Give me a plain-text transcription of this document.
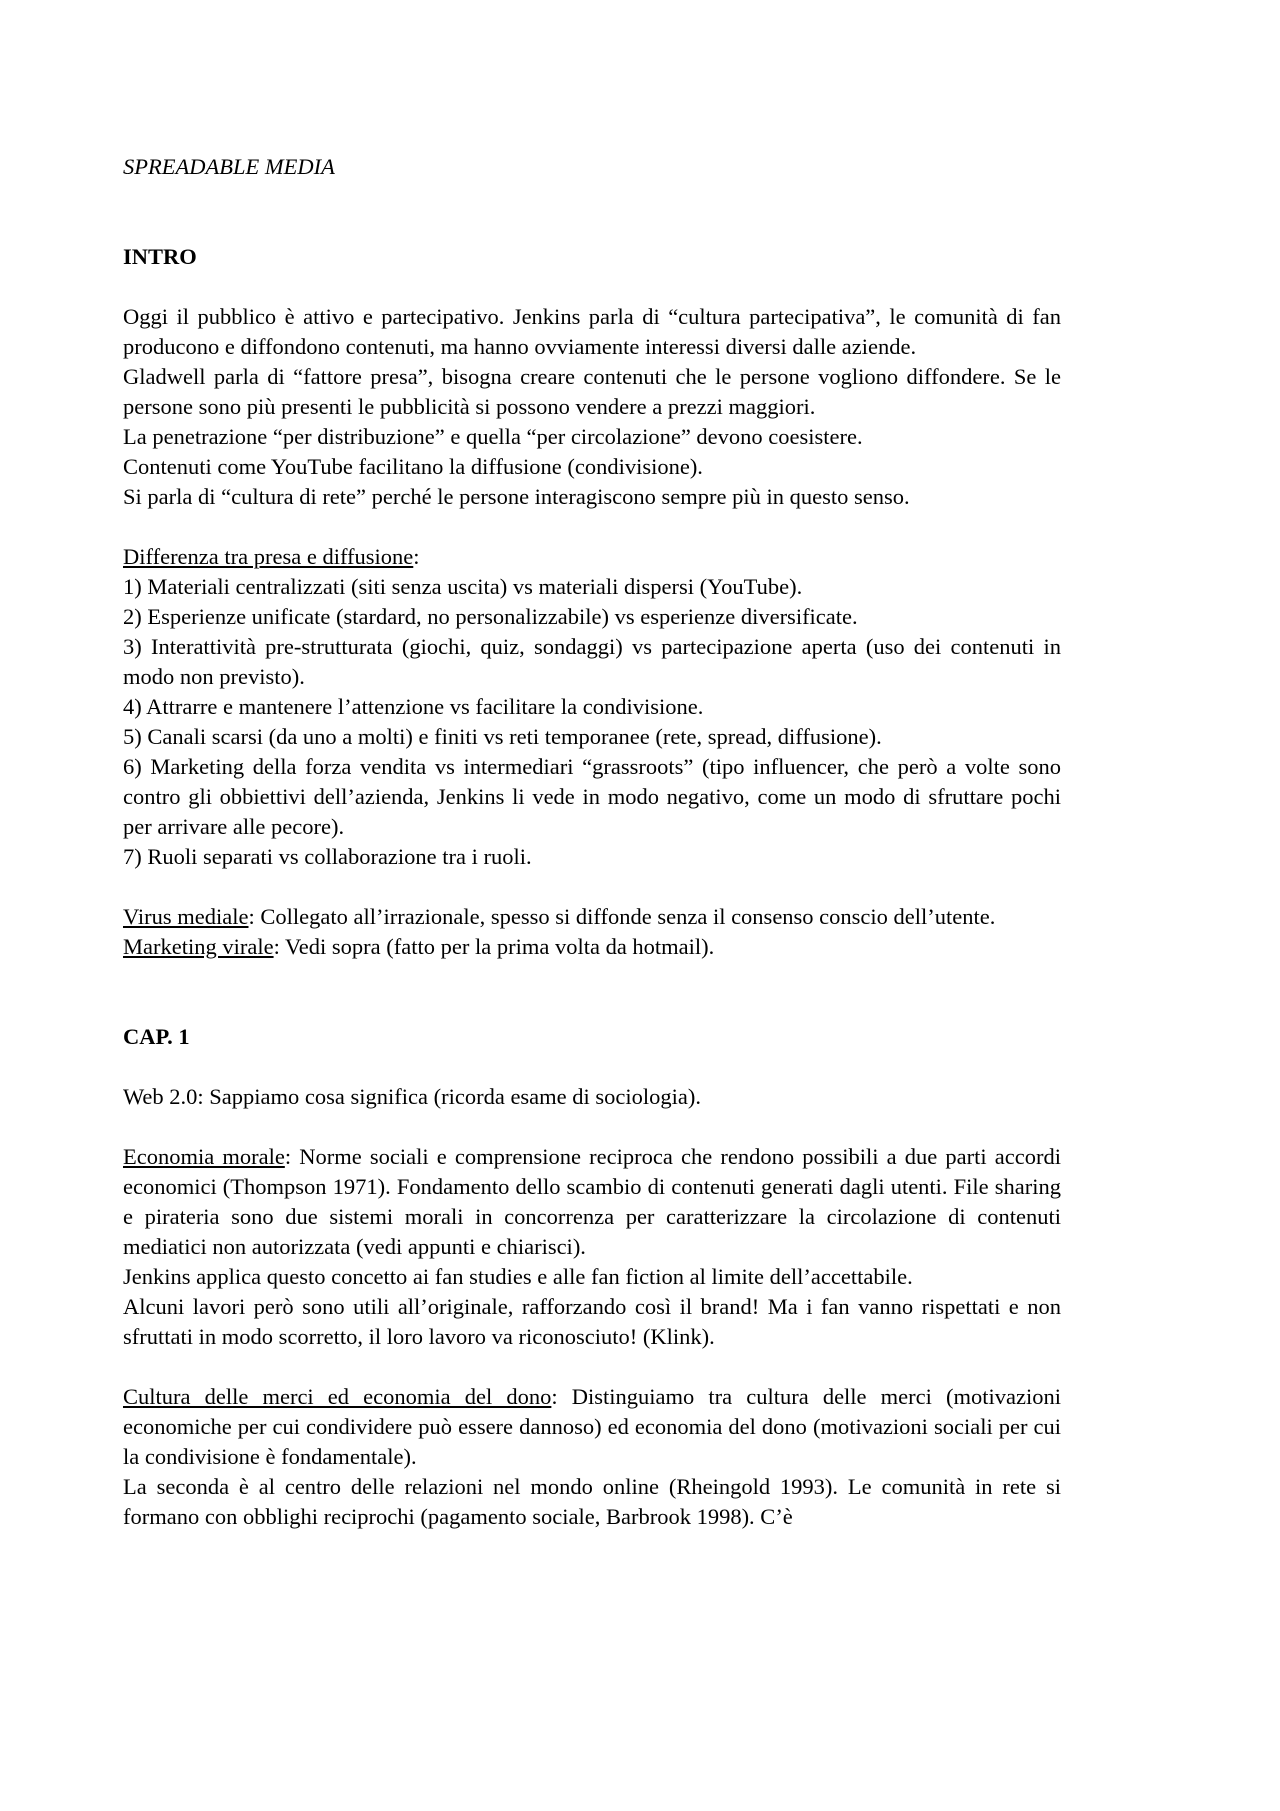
SPREADABLE MEDIA
INTRO

Oggi il pubblico è attivo e partecipativo. Jenkins parla di “cultura partecipativa”, le comunità di fan producono e diffondono contenuti, ma hanno ovviamente interessi diversi dalle aziende.

Gladwell parla di “fattore presa”, bisogna creare contenuti che le persone vogliono diffondere. Se le persone sono più presenti le pubblicità si possono vendere a prezzi maggiori.

La penetrazione “per distribuzione” e quella “per circolazione” devono coesistere.

Contenuti come YouTube facilitano la diffusione (condivisione).

Si parla di “cultura di rete” perché le persone interagiscono sempre più in questo senso.

Differenza tra presa e diffusione:

1) Materiali centralizzati (siti senza uscita) vs materiali dispersi (YouTube).

2) Esperienze unificate (stardard, no personalizzabile) vs esperienze diversificate.

3) Interattività pre-strutturata (giochi, quiz, sondaggi) vs partecipazione aperta (uso dei contenuti in modo non previsto).

4) Attrarre e mantenere l’attenzione vs facilitare la condivisione.

5) Canali scarsi (da uno a molti) e finiti vs reti temporanee (rete, spread, diffusione).

6) Marketing della forza vendita vs intermediari “grassroots” (tipo influencer, che però a volte sono contro gli obbiettivi dell’azienda, Jenkins li vede in modo negativo, come un modo di sfruttare pochi per arrivare alle pecore).

7) Ruoli separati vs collaborazione tra i ruoli.

Virus mediale: Collegato all’irrazionale, spesso si diffonde senza il consenso conscio dell’utente.

Marketing virale: Vedi sopra (fatto per la prima volta da hotmail).

CAP. 1

Web 2.0: Sappiamo cosa significa (ricorda esame di sociologia).

Economia morale: Norme sociali e comprensione reciproca che rendono possibili a due parti accordi economici (Thompson 1971). Fondamento dello scambio di contenuti generati dagli utenti. File sharing e pirateria sono due sistemi morali in concorrenza per caratterizzare la circolazione di contenuti mediatici non autorizzata (vedi appunti e chiarisci).

Jenkins applica questo concetto ai fan studies e alle fan fiction al limite dell’accettabile.

Alcuni lavori però sono utili all’originale, rafforzando così il brand! Ma i fan vanno rispettati e non sfruttati in modo scorretto, il loro lavoro va riconosciuto! (Klink).

Cultura delle merci ed economia del dono: Distinguiamo tra cultura delle merci (motivazioni economiche per cui condividere può essere dannoso) ed economia del dono (motivazioni sociali per cui la condivisione è fondamentale).

La seconda è al centro delle relazioni nel mondo online (Rheingold 1993). Le comunità in rete si formano con obblighi reciprochi (pagamento sociale, Barbrook 1998). C’è
